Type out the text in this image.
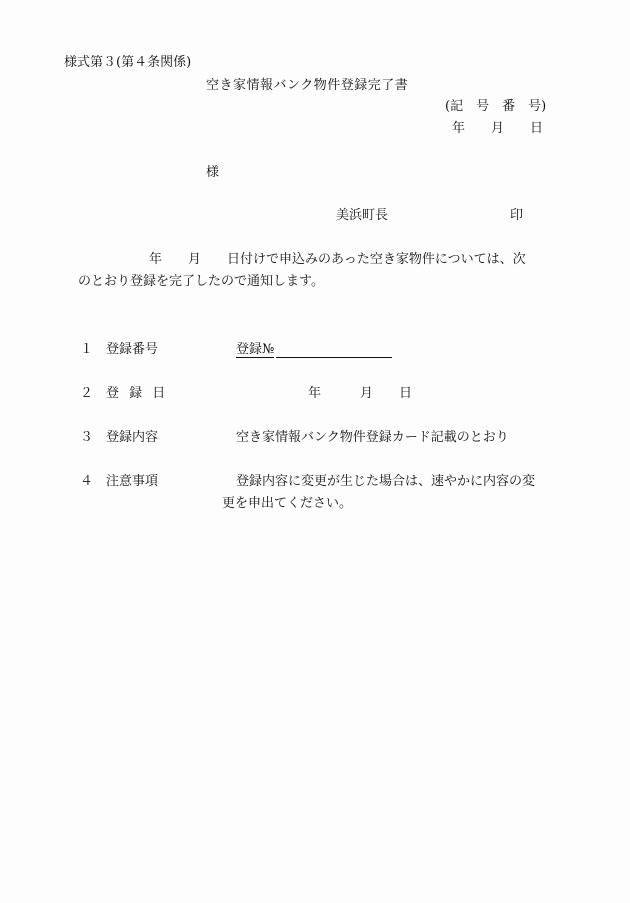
様式第３(第４条関係)
空き家情報バンク物件登録完了書
(記　号　番　号)
年　　月　　日
様
美浜町長	印
年　　月　　日付けで申込みのあった空き家物件については、次
のとおり登録を完了したので通知します。
１ 登録番号	登録№
２ 登 録 日	年　　　月　　日
３ 登録内容	空き家情報バンク物件登録カード記載のとおり
４ 注意事項	登録内容に変更が生じた場合は、速やかに内容の変
更を申出てください。
